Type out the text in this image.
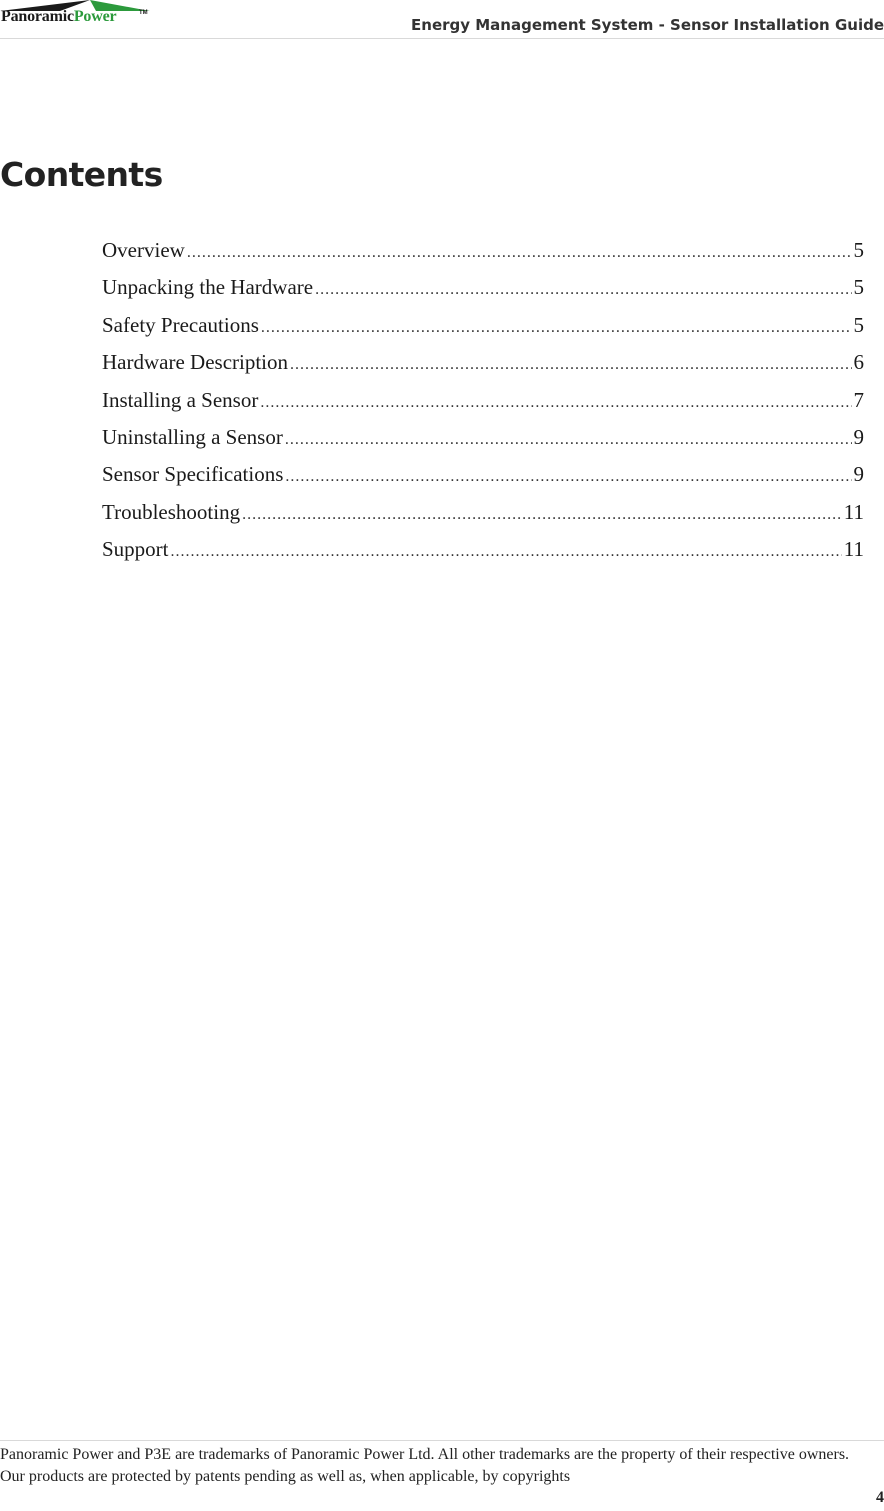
PanoramicPower	TM
Energy Management System - Sensor Installation Guide
Contents
Overview .....	5
Unpacking the Hardware .....	5
Safety Precautions .....	5
Hardware Description .....	6
Installing a Sensor .....	7
Uninstalling a Sensor .....	9
Sensor Specifications .....	9
Troubleshooting .....	11
Support .....	11

Panoramic Power and P3E are trademarks of Panoramic Power Ltd. All other trademarks are the property of their respective owners. Our products are protected by patents pending as well as, when applicable, by copyrights

4
